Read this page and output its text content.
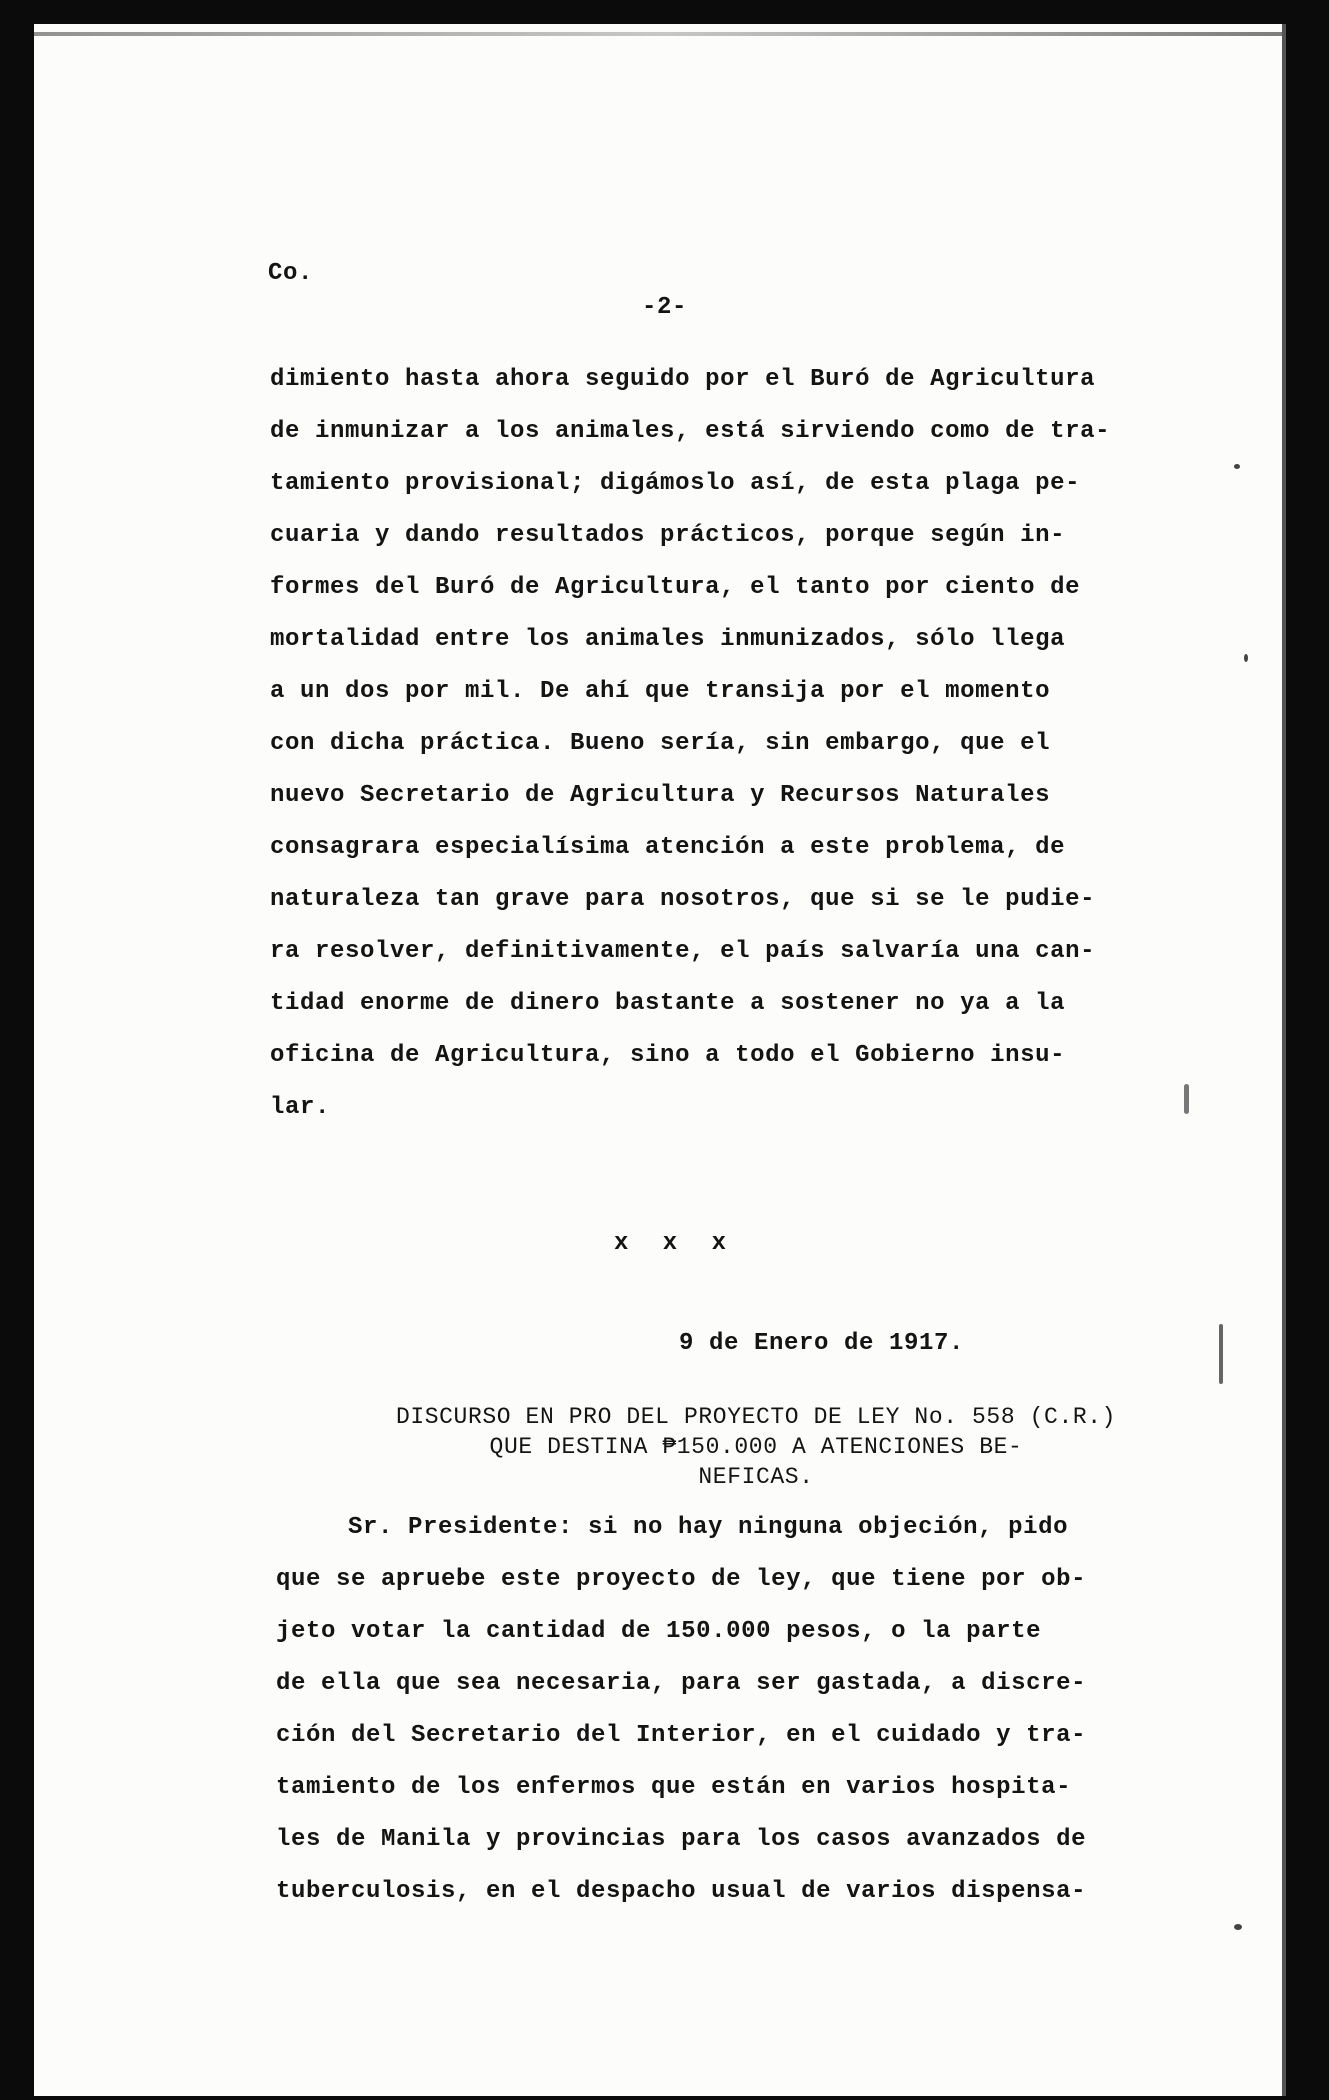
Co.
-2-
dimiento hasta ahora seguido por el Buró de Agricultura
de inmunizar a los animales, está sirviendo como de tra-
tamiento provisional; digámoslo así, de esta plaga pe-
cuaria y dando resultados prácticos, porque según in-
formes del Buró de Agricultura, el tanto por ciento de
mortalidad entre los animales inmunizados, sólo llega
a un dos por mil. De ahí que transija por el momento
con dicha práctica. Bueno sería, sin embargo, que el
nuevo Secretario de Agricultura y Recursos Naturales
consagrara especialísima atención a este problema, de
naturaleza tan grave para nosotros, que si se le pudie-
ra resolver, definitivamente, el país salvaría una can-
tidad enorme de dinero bastante a sostener no ya a la
oficina de Agricultura, sino a todo el Gobierno insu-
lar.
x x x
9 de Enero de 1917.
DISCURSO EN PRO DEL PROYECTO DE LEY No. 558 (C.R.)
QUE DESTINA ₱150.000 A ATENCIONES BE-
NEFICAS.
Sr. Presidente: si no hay ninguna objeción, pido
que se apruebe este proyecto de ley, que tiene por ob-
jeto votar la cantidad de 150.000 pesos, o la parte
de ella que sea necesaria, para ser gastada, a discre-
ción del Secretario del Interior, en el cuidado y tra-
tamiento de los enfermos que están en varios hospita-
les de Manila y provincias para los casos avanzados de
tuberculosis, en el despacho usual de varios dispensa-
